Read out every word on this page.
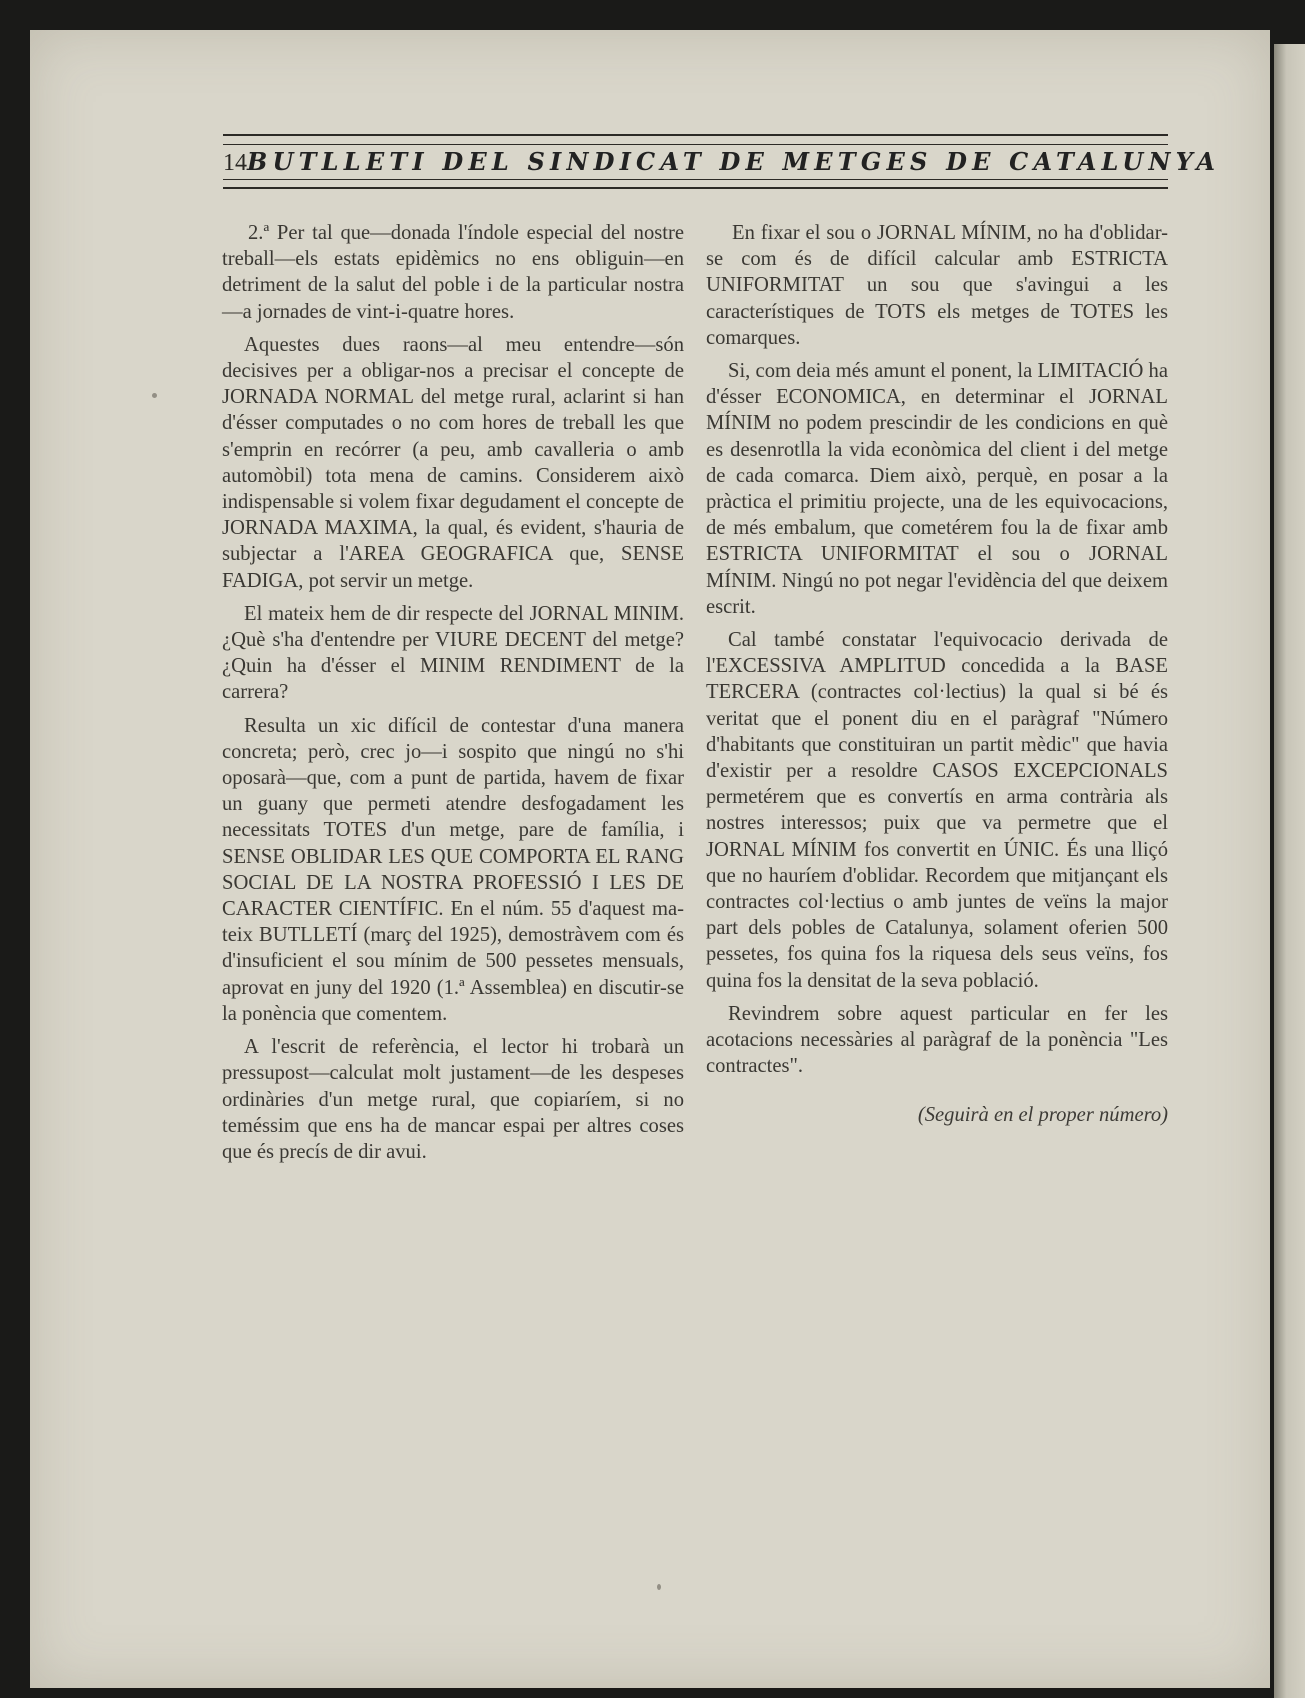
14 BUTLLETI DEL SINDICAT DE METGES DE CATALUNYA

2.ª Per tal que—donada l'índole especial del nostre treball—els estats epidèmics no ens obliguin—en detriment de la salut del poble i de la particular nostra—a jornades de vint-i-quatre hores.

Aquestes dues raons—al meu entendre—són decisives per a obligar-nos a precisar el concepte de JORNADA NORMAL del metge rural, aclarint si han d'ésser computades o no com hores de treball les que s'emprin en recórrer (a peu, amb cavalleria o amb automòbil) tota mena de camins. Considerem això indispensable si volem fixar degudament el concepte de JORNADA MAXIMA, la qual, és evident, s'hauria de subjectar a l'AREA GEOGRAFICA que, SENSE FADIGA, pot servir un metge.

El mateix hem de dir respecte del JORNAL MINIM. ¿Què s'ha d'entendre per VIURE DECENT del metge? ¿Quin ha d'ésser el MINIM RENDIMENT de la carrera?

Resulta un xic difícil de contestar d'una manera concreta; però, crec jo—i sospito que ningú no s'hi oposarà—que, com a punt de partida, havem de fixar un guany que permeti atendre desfogadament les necessitats TOTES d'un metge, pare de família, i SENSE OBLIDAR LES QUE COMPORTA EL RANG SOCIAL DE LA NOSTRA PROFESSIÓ I LES DE CARACTER CIENTÍFIC. En el núm. 55 d'aquest mateix BUTLLETÍ (març del 1925), demostràvem com és d'insuficient el sou mínim de 500 pessetes mensuals, aprovat en juny del 1920 (1.ª Assemblea) en discutir-se la ponència que comentem.

A l'escrit de referència, el lector hi trobarà un pressupost—calculat molt justament—de les despeses ordinàries d'un metge rural, que copiaríem, si no teméssim que ens ha de mancar espai per altres coses que és precís de dir avui.

En fixar el sou o JORNAL MÍNIM, no ha d'oblidar-se com és de difícil calcular amb ESTRICTA UNIFORMITAT un sou que s'avingui a les característiques de TOTS els metges de TOTES les comarques.

Si, com deia més amunt el ponent, la LIMITACIÓ ha d'ésser ECONOMICA, en determinar el JORNAL MÍNIM no podem prescindir de les condicions en què es desenrotlla la vida econòmica del client i del metge de cada comarca. Diem això, perquè, en posar a la pràctica el primitiu projecte, una de les equivocacions, de més embalum, que cometérem fou la de fixar amb ESTRICTA UNIFORMITAT el sou o JORNAL MÍNIM. Ningú no pot negar l'evidència del que deixem escrit.

Cal també constatar l'equivocacio derivada de l'EXCESSIVA AMPLITUD concedida a la BASE TERCERA (contractes col·lectius) la qual si bé és veritat que el ponent diu en el paràgraf "Número d'habitants que constituiran un partit mèdic" que havia d'existir per a resoldre CASOS EXCEPCIONALS permetérem que es convertís en arma contrària als nostres interessos; puix que va permetre que el JORNAL MÍNIM fos convertit en ÚNIC. És una lliçó que no hauríem d'oblidar. Recordem que mitjançant els contractes col·lectius o amb juntes de veïns la major part dels pobles de Catalunya, solament oferien 500 pessetes, fos quina fos la riquesa dels seus veïns, fos quina fos la densitat de la seva població.

Revindrem sobre aquest particular en fer les acotacions necessàries al paràgraf de la ponència "Les contractes".

(Seguirà en el proper número)
